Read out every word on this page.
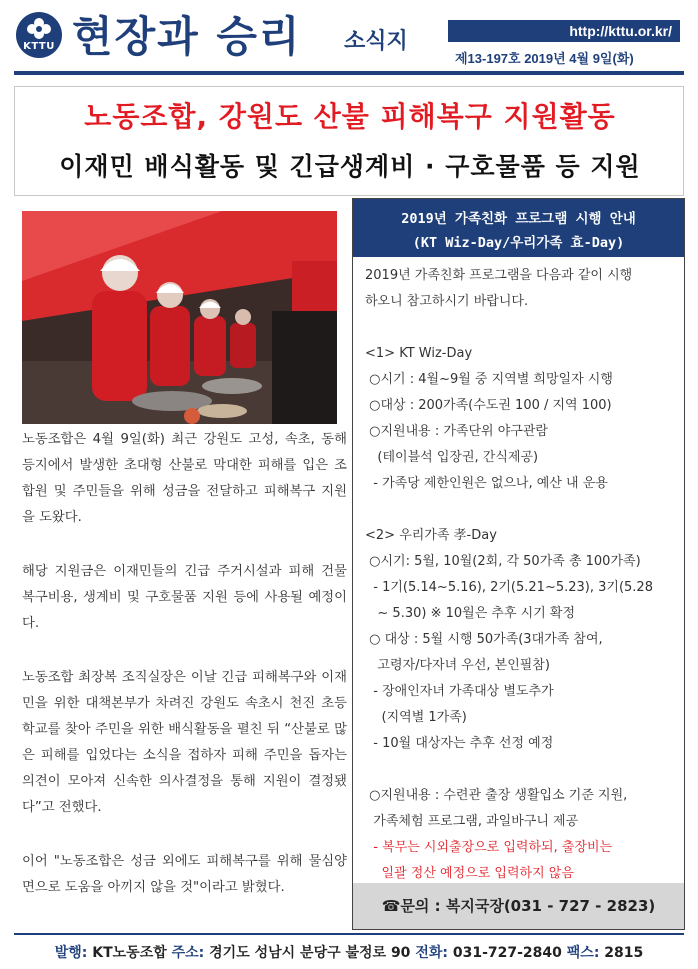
KTTU 현장과 승리 소식지	http://kttu.or.kr/
제13-197호 2019년 4월 9일(화)
노동조합, 강원도 산불 피해복구 지원활동
이재민 배식활동 및 긴급생계비 · 구호물품 등 지원
노동조합은 4월 9일(화) 최근 강원도 고성, 속초, 동해 등지에서 발생한 초대형 산불로 막대한 피해를 입은 조합원 및 주민들을 위해 성금을 전달하고 피해복구 지원을 도왔다.
해당 지원금은 이재민들의 긴급 주거시설과 피해 건물 복구비용, 생계비 및 구호물품 지원 등에 사용될 예정이다.
노동조합 최장복 조직실장은 이날 긴급 피해복구와 이재민을 위한 대책본부가 차려진 강원도 속초시 천진 초등학교를 찾아 주민을 위한 배식활동을 펼친 뒤 “산불로 많은 피해를 입었다는 소식을 접하자 피해 주민을 돕자는 의견이 모아져 신속한 의사결정을 통해 지원이 결정됐다”고 전했다.
이어 "노동조합은 성금 외에도 피해복구를 위해 물심양면으로 도움을 아끼지 않을 것"이라고 밝혔다.
2019년 가족친화 프로그램 시행 안내
(KT Wiz-Day/우리가족 효-Day)
2019년 가족친화 프로그램을 다음과 같이 시행
하오니 참고하시기 바랍니다.
<1> KT Wiz-Day
○시기 : 4월~9월 중 지역별 희망일자 시행
○대상 : 200가족(수도권 100 / 지역 100)
○지원내용 : 가족단위 야구관람
(테이블석 입장권, 간식제공)
- 가족당 제한인원은 없으나, 예산 내 운용
<2> 우리가족 孝-Day
○시기: 5월, 10월(2회, 각 50가족 총 100가족)
- 1기(5.14~5.16), 2기(5.21~5.23), 3기(5.28
~ 5.30) ※ 10월은 추후 시기 확정
○ 대상 : 5월 시행 50가족(3대가족 참여,
고령자/다자녀 우선, 본인필참)
- 장애인자녀 가족대상 별도추가
(지역별 1가족)
- 10월 대상자는 추후 선정 예정
○지원내용 : 수련관 출장 생활입소 기준 지원,
가족체험 프로그램, 과일바구니 제공
- 복무는 시외출장으로 입력하되, 출장비는
일괄 정산 예정으로 입력하지 않음
☎문의 : 복지국장(031 - 727 - 2823)
발행: KT노동조합 주소: 경기도 성남시 분당구 불정로 90 전화: 031-727-2840 팩스: 2815
